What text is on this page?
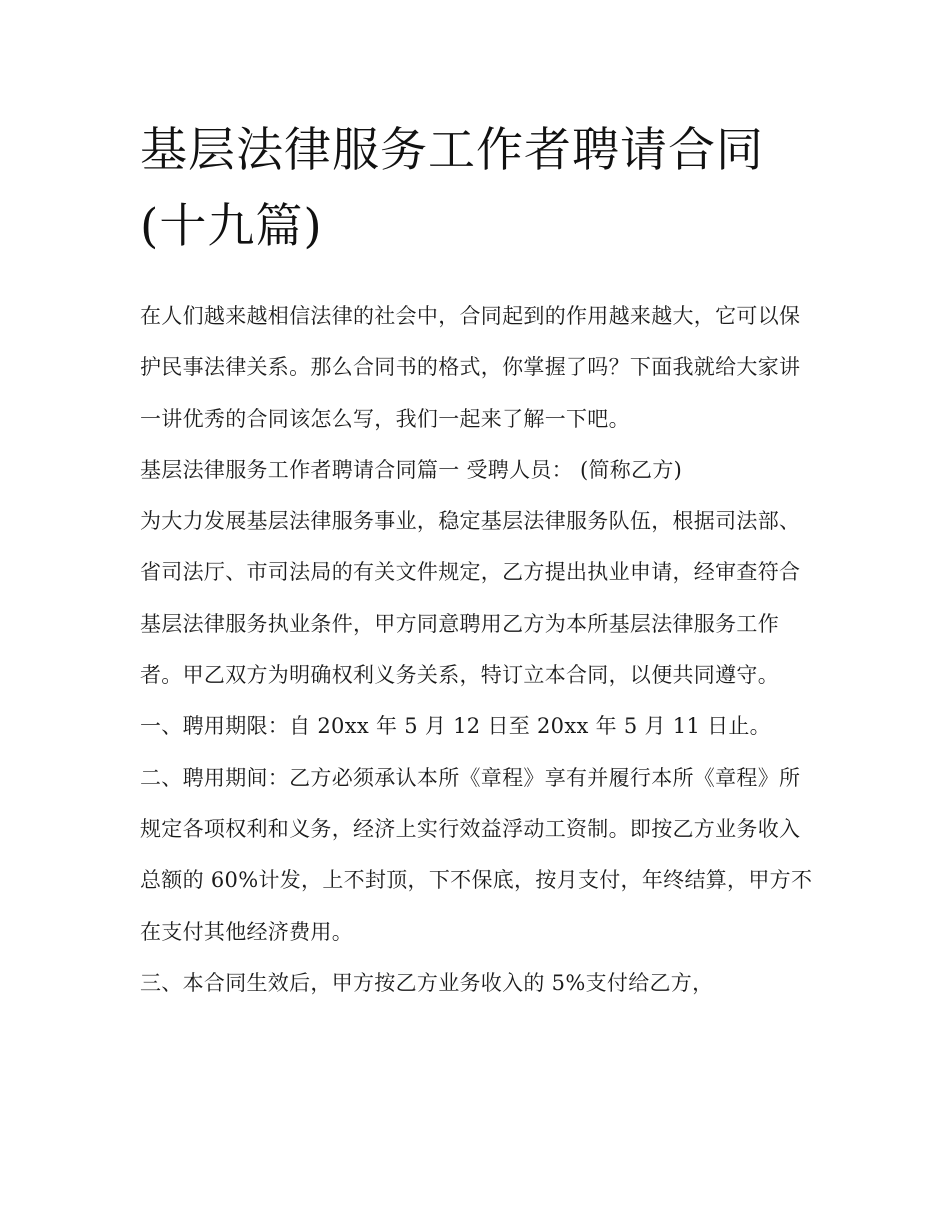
基层法律服务工作者聘请合同(十九篇)

在人们越来越相信法律的社会中，合同起到的作用越来越大，它可以保护民事法律关系。那么合同书的格式，你掌握了吗？下面我就给大家讲一讲优秀的合同该怎么写，我们一起来了解一下吧。

基层法律服务工作者聘请合同篇一 受聘人员： (简称乙方)

为大力发展基层法律服务事业，稳定基层法律服务队伍，根据司法部、省司法厅、市司法局的有关文件规定，乙方提出执业申请，经审查符合基层法律服务执业条件，甲方同意聘用乙方为本所基层法律服务工作者。甲乙双方为明确权利义务关系，特订立本合同，以便共同遵守。

一、聘用期限：自 20xx 年 5 月 12 日至 20xx 年 5 月 11 日止。

二、聘用期间：乙方必须承认本所《章程》享有并履行本所《章程》所规定各项权利和义务，经济上实行效益浮动工资制。即按乙方业务收入总额的 60%计发，上不封顶，下不保底，按月支付，年终结算，甲方不在支付其他经济费用。

三、本合同生效后，甲方按乙方业务收入的 5%支付给乙方，
